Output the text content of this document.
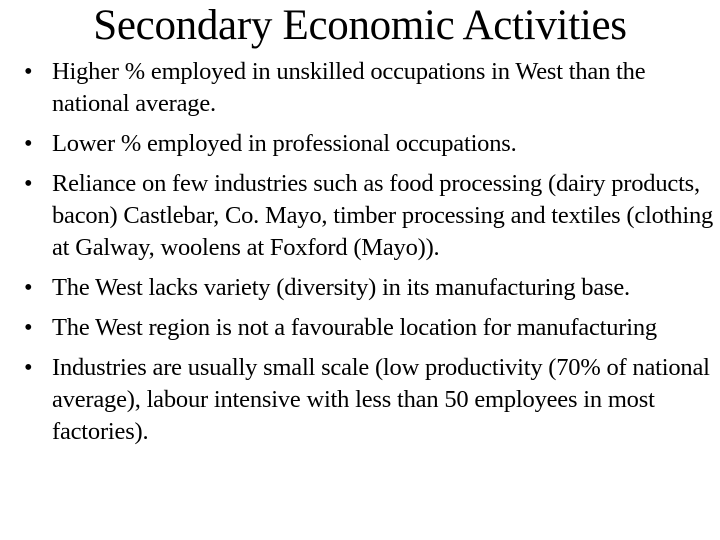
Secondary Economic Activities
• Higher % employed in unskilled occupations in West than the national average.
• Lower % employed in professional occupations.
• Reliance on few industries such as food processing (dairy products, bacon) Castlebar, Co. Mayo, timber processing and textiles (clothing at Galway, woolens at Foxford (Mayo)).
• The West lacks variety (diversity) in its manufacturing base.
• The West region is not a favourable location for manufacturing
• Industries are usually small scale (low productivity (70% of national average), labour intensive with less than 50 employees in most factories).
